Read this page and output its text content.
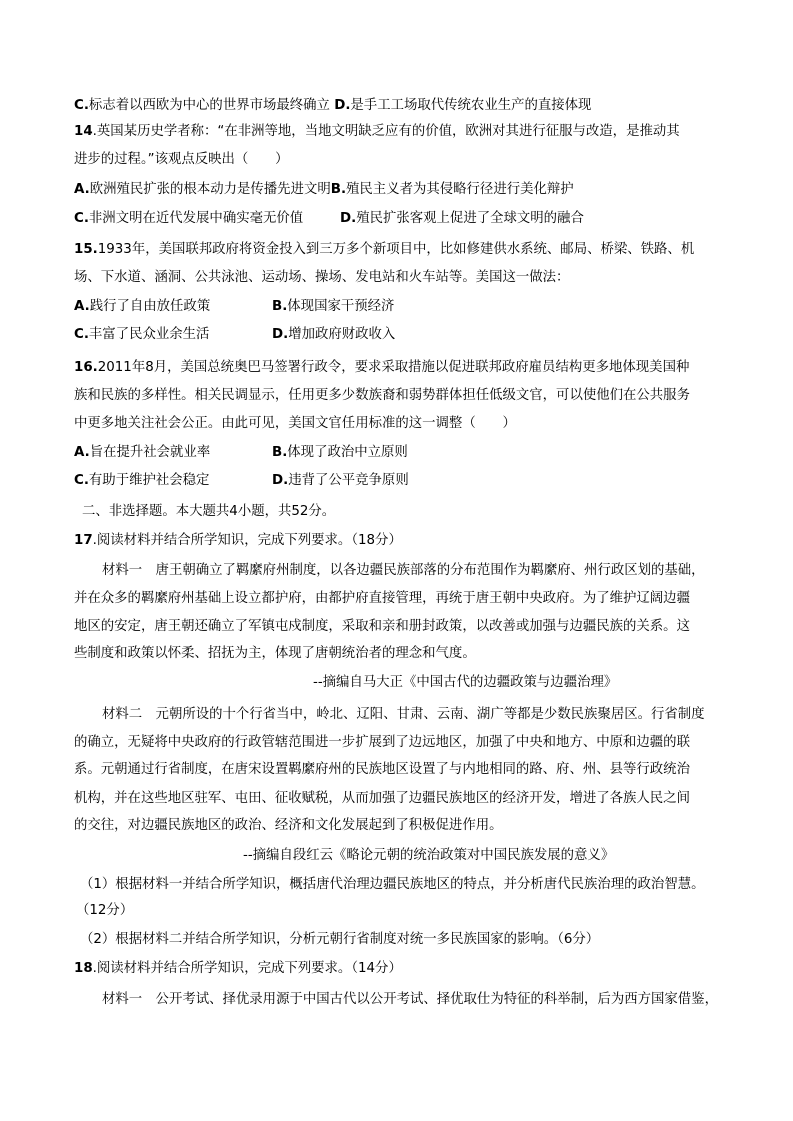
C.标志着以西欧为中心的世界市场最终确立 D.是手工工场取代传统农业生产的直接体现
14.英国某历史学者称：“在非洲等地，当地文明缺乏应有的价值，欧洲对其进行征服与改造，是推动其
进步的过程。”该观点反映出（　　）
A.欧洲殖民扩张的根本动力是传播先进文明B.殖民主义者为其侵略行径进行美化辩护
C.非洲文明在近代发展中确实毫无价值	D.殖民扩张客观上促进了全球文明的融合
15.1933年，美国联邦政府将资金投入到三万多个新项目中，比如修建供水系统、邮局、桥梁、铁路、机
场、下水道、涵洞、公共泳池、运动场、操场、发电站和火车站等。美国这一做法：
A.践行了自由放任政策	B.体现国家干预经济
C.丰富了民众业余生活	D.增加政府财政收入
16.2011年8月，美国总统奥巴马签署行政令，要求采取措施以促进联邦政府雇员结构更多地体现美国种
族和民族的多样性。相关民调显示，任用更多少数族裔和弱势群体担任低级文官，可以使他们在公共服务
中更多地关注社会公正。由此可见，美国文官任用标准的这一调整（　　）
A.旨在提升社会就业率	B.体现了政治中立原则
C.有助于维护社会稳定	D.违背了公平竞争原则
二、非选择题。本大题共4小题，共52分。
17.阅读材料并结合所学知识，完成下列要求。（18分）
材料一　唐王朝确立了羁縻府州制度，以各边疆民族部落的分布范围作为羁縻府、州行政区划的基础，
并在众多的羁縻府州基础上设立都护府，由都护府直接管理，再统于唐王朝中央政府。为了维护辽阔边疆
地区的安定，唐王朝还确立了军镇屯戍制度，采取和亲和册封政策，以改善或加强与边疆民族的关系。这
些制度和政策以怀柔、招抚为主，体现了唐朝统治者的理念和气度。
--摘编自马大正《中国古代的边疆政策与边疆治理》
材料二　元朝所设的十个行省当中，岭北、辽阳、甘肃、云南、湖广等都是少数民族聚居区。行省制度
的确立，无疑将中央政府的行政管辖范围进一步扩展到了边远地区，加强了中央和地方、中原和边疆的联
系。元朝通过行省制度，在唐宋设置羁縻府州的民族地区设置了与内地相同的路、府、州、县等行政统治
机构，并在这些地区驻军、屯田、征收赋税，从而加强了边疆民族地区的经济开发，增进了各族人民之间
的交往，对边疆民族地区的政治、经济和文化发展起到了积极促进作用。
--摘编自段红云《略论元朝的统治政策对中国民族发展的意义》
（1）根据材料一并结合所学知识，概括唐代治理边疆民族地区的特点，并分析唐代民族治理的政治智慧。
（12分）
（2）根据材料二并结合所学知识，分析元朝行省制度对统一多民族国家的影响。（6分）
18.阅读材料并结合所学知识，完成下列要求。（14分）
材料一　公开考试、择优录用源于中国古代以公开考试、择优取仕为特征的科举制，后为西方国家借鉴，
